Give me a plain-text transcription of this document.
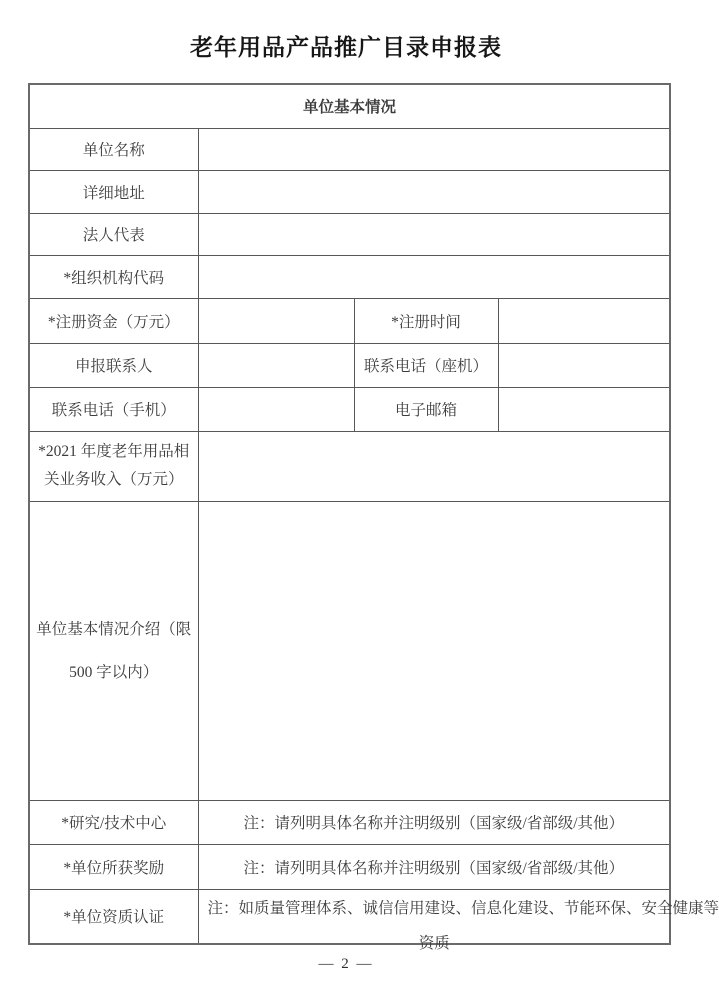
老年用品产品推广目录申报表
单位基本情况			
单位名称			
详细地址			
法人代表			
*组织机构代码			
*注册资金（万元）		*注册时间	
申报联系人		联系电话（座机）	
联系电话（手机）		电子邮箱	

*2021 年度老年用品相
关业务收入（万元）			

单位基本情况介绍（限
500 字以内）			

*研究/技术中心	注：请列明具体名称并注明级别（国家级/省部级/其他）		
*单位所获奖励	注：请列明具体名称并注明级别（国家级/省部级/其他）		
*单位资质认证	注：如质量管理体系、诚信信用建设、信息化建设、节能环保、安全健康等
资质		
— 2 —
